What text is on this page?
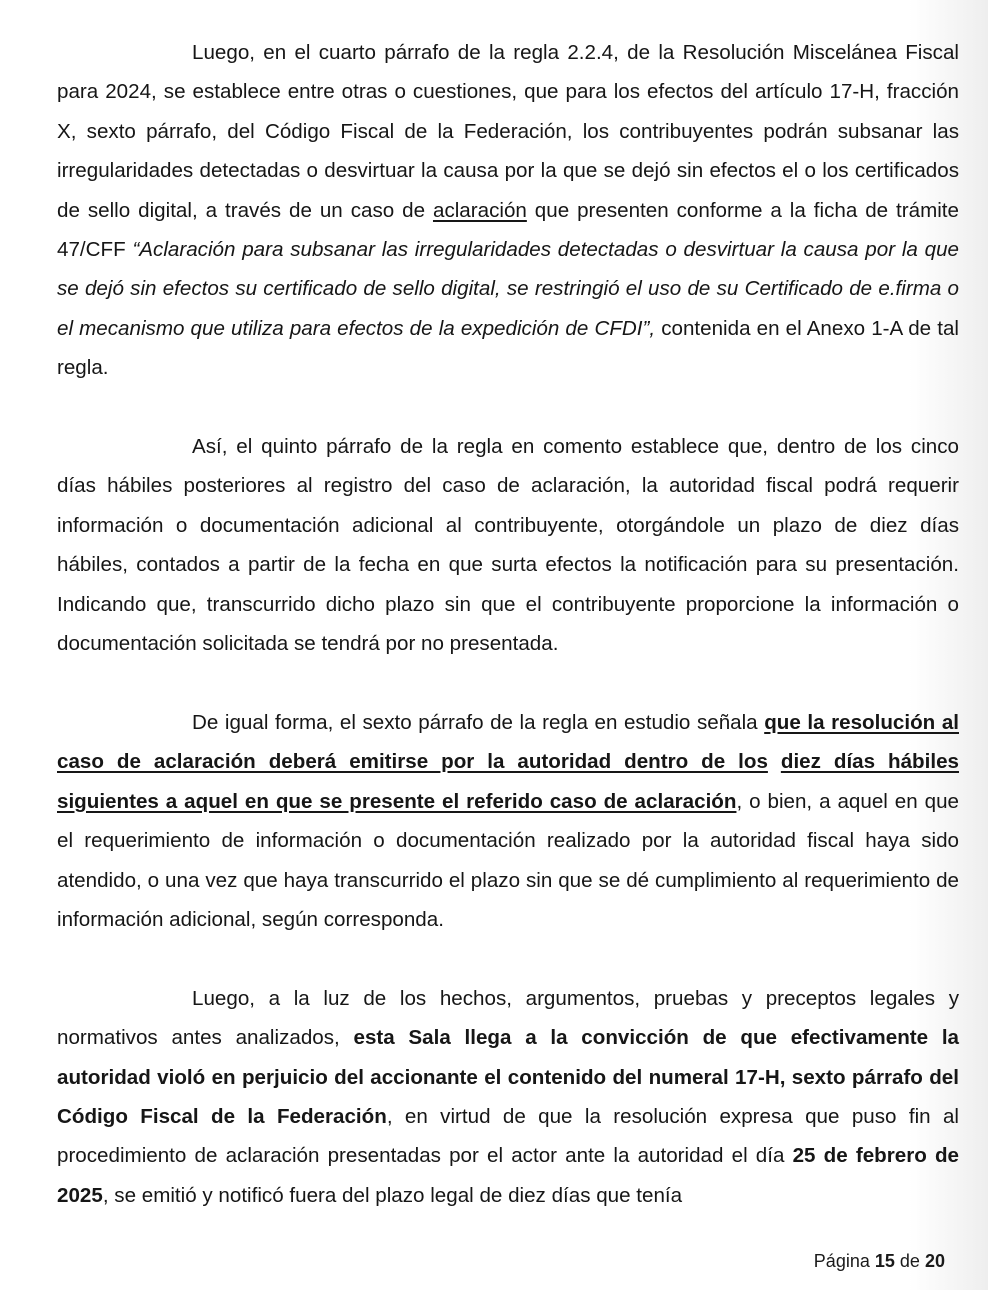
Luego, en el cuarto párrafo de la regla 2.2.4, de la Resolución Miscelánea Fiscal para 2024, se establece entre otras o cuestiones, que para los efectos del artículo 17-H, fracción X, sexto párrafo, del Código Fiscal de la Federación, los contribuyentes podrán subsanar las irregularidades detectadas o desvirtuar la causa por la que se dejó sin efectos el o los certificados de sello digital, a través de un caso de aclaración que presenten conforme a la ficha de trámite 47/CFF “Aclaración para subsanar las irregularidades detectadas o desvirtuar la causa por la que se dejó sin efectos su certificado de sello digital, se restringió el uso de su Certificado de e.firma o el mecanismo que utiliza para efectos de la expedición de CFDI”, contenida en el Anexo 1-A de tal regla.

Así, el quinto párrafo de la regla en comento establece que, dentro de los cinco días hábiles posteriores al registro del caso de aclaración, la autoridad fiscal podrá requerir información o documentación adicional al contribuyente, otorgándole un plazo de diez días hábiles, contados a partir de la fecha en que surta efectos la notificación para su presentación. Indicando que, transcurrido dicho plazo sin que el contribuyente proporcione la información o documentación solicitada se tendrá por no presentada.

De igual forma, el sexto párrafo de la regla en estudio señala que la resolución al caso de aclaración deberá emitirse por la autoridad dentro de los diez días hábiles siguientes a aquel en que se presente el referido caso de aclaración, o bien, a aquel en que el requerimiento de información o documentación realizado por la autoridad fiscal haya sido atendido, o una vez que haya transcurrido el plazo sin que se dé cumplimiento al requerimiento de información adicional, según corresponda.

Luego, a la luz de los hechos, argumentos, pruebas y preceptos legales y normativos antes analizados, esta Sala llega a la convicción de que efectivamente la autoridad violó en perjuicio del accionante el contenido del numeral 17-H, sexto párrafo del Código Fiscal de la Federación, en virtud de que la resolución expresa que puso fin al procedimiento de aclaración presentadas por el actor ante la autoridad el día 25 de febrero de 2025, se emitió y notificó fuera del plazo legal de diez días que tenía

Página 15 de 20
